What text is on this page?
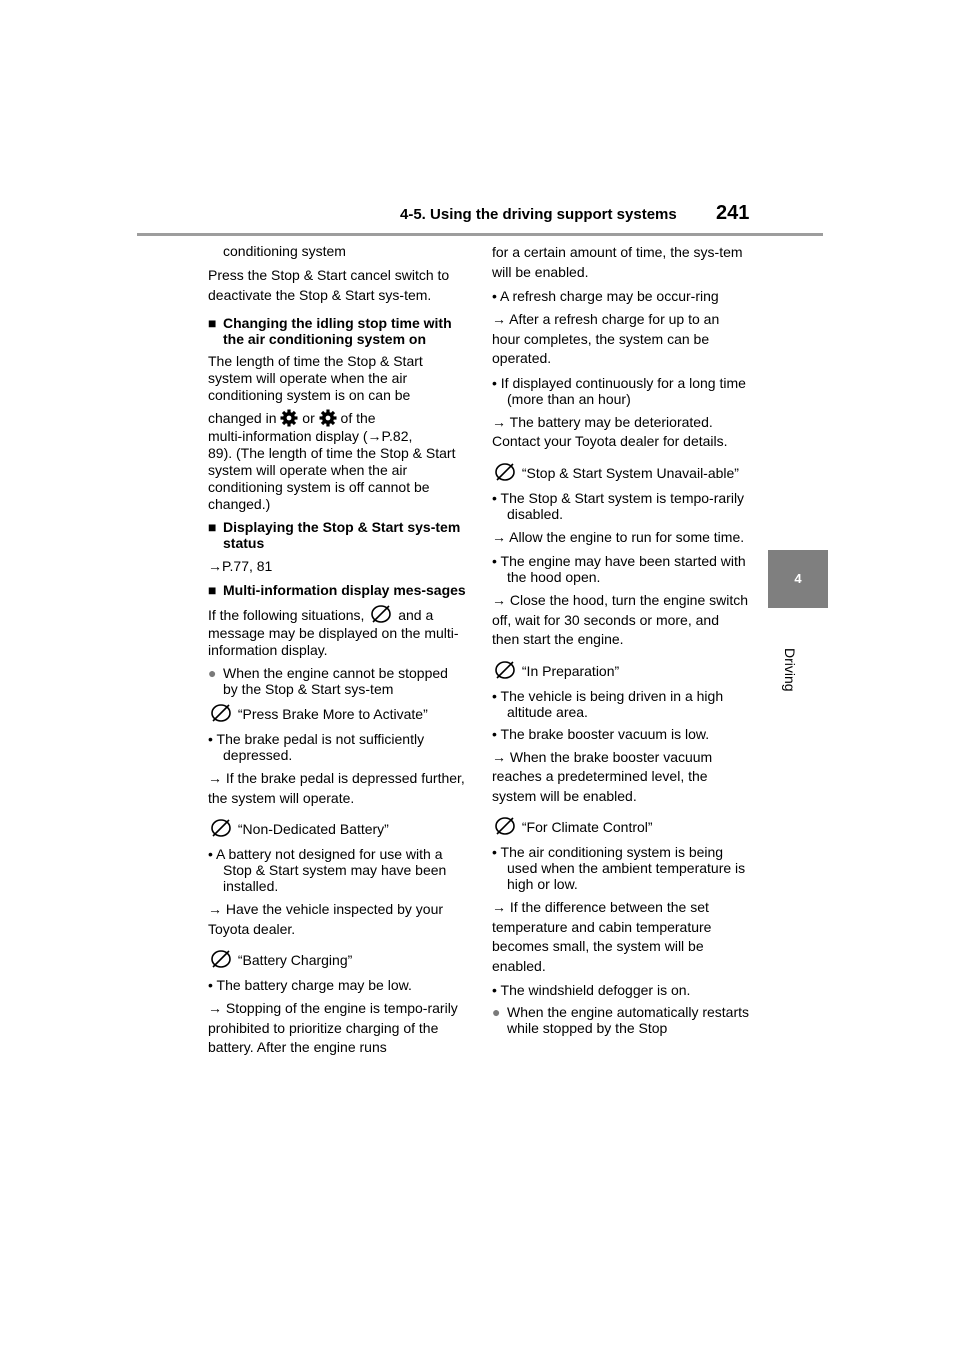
4-5. Using the driving support systems 241
4
Driving

conditioning system

Press the Stop & Start cancel switch to deactivate the Stop & Start sys-tem.

■ Changing the idling stop time with the air conditioning system on

The length of time the Stop & Start system will operate when the air conditioning system is on can be

changed in or of the

multi-information display (→P.82,

89). (The length of time the Stop & Start system will operate when the air conditioning system is off cannot be changed.)

■ Displaying the Stop & Start sys-tem status

→P.77, 81

■ Multi-information display mes-sages

If the following situations, and a

message may be displayed on the multi-information display.

● When the engine cannot be stopped by the Stop & Start sys-tem

“Press Brake More to Activate”

• The brake pedal is not sufficiently depressed.

→ If the brake pedal is depressed further, the system will operate.

“Non-Dedicated Battery”

• A battery not designed for use with a Stop & Start system may have been installed.

→ Have the vehicle inspected by your Toyota dealer.

“Battery Charging”

• The battery charge may be low.

→ Stopping of the engine is tempo-rarily prohibited to prioritize charging of the battery. After the engine runs

for a certain amount of time, the sys-tem will be enabled.

• A refresh charge may be occur-ring

→ After a refresh charge for up to an hour completes, the system can be operated.

• If displayed continuously for a long time (more than an hour)

→ The battery may be deteriorated. Contact your Toyota dealer for details.

“Stop & Start System Unavail-able”

• The Stop & Start system is tempo-rarily disabled.

→ Allow the engine to run for some time.

• The engine may have been started with the hood open.

→ Close the hood, turn the engine switch off, wait for 30 seconds or more, and then start the engine.

“In Preparation”

• The vehicle is being driven in a high altitude area.

• The brake booster vacuum is low.

→ When the brake booster vacuum reaches a predetermined level, the system will be enabled.

“For Climate Control”

• The air conditioning system is being used when the ambient temperature is high or low.

→ If the difference between the set temperature and cabin temperature becomes small, the system will be enabled.

• The windshield defogger is on.

● When the engine automatically restarts while stopped by the Stop
